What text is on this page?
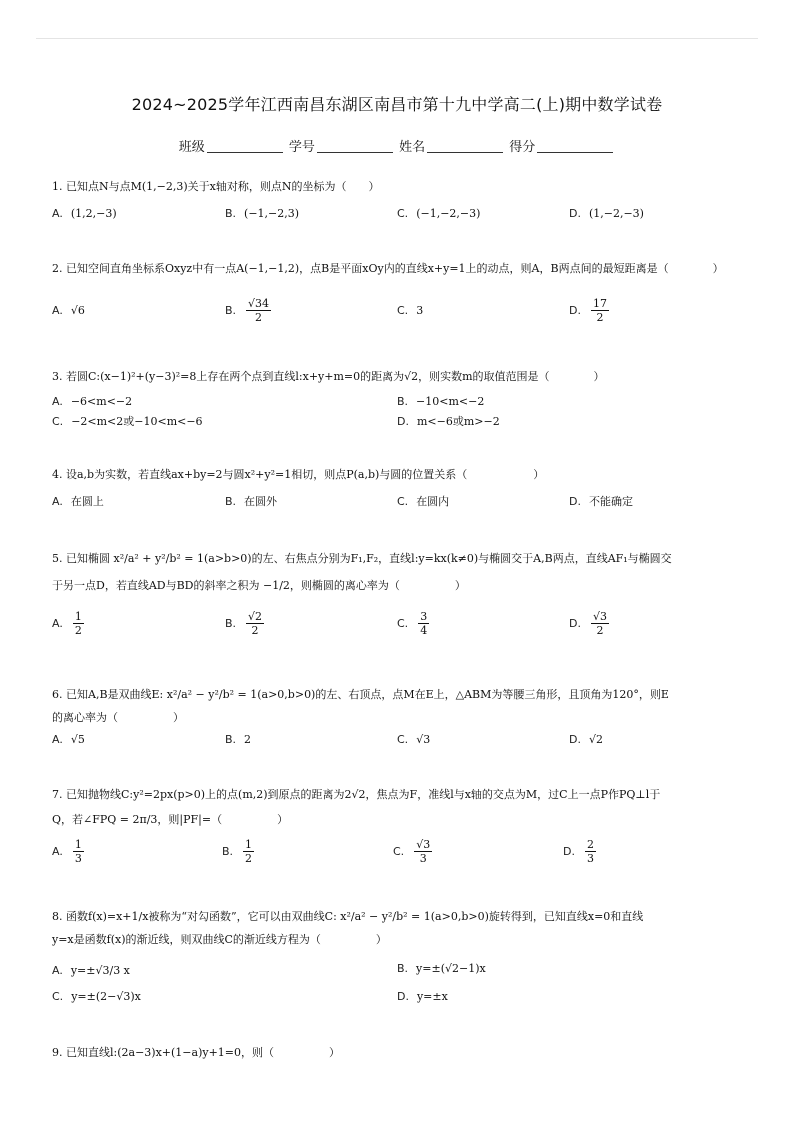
2024~2025学年江西南昌东湖区南昌市第十九中学高二(上)期中数学试卷
班级	学号	姓名	得分
1. 已知点N与点M(1,−2,3)关于x轴对称，则点N的坐标为（　　）
A. (1,2,−3)	B. (−1,−2,3)	C. (−1,−2,−3)	D. (1,−2,−3)
2. 已知空间直角坐标系Oxyz中有一点A(−1,−1,2)，点B是平面xOy内的直线x+y=1上的动点，则A，B两点间的最短距离是（　　　　）
A. √6	B. $\frac{√34}{2}$	C. 3	D. $\frac{17}{2}$
3. 若圆C:(x−1)²+(y−3)²=8上存在两个点到直线l:x+y+m=0的距离为√2，则实数m的取值范围是（　　　　）
A. −6<m<−2	B. −10<m<−2
C. −2<m<2或−10<m<−6	D. m<−6或m>−2
4. 设a,b为实数，若直线ax+by=2与圆x²+y²=1相切，则点P(a,b)与圆的位置关系（　　　　　　）
A. 在圆上	B. 在圆外	C. 在圆内	D. 不能确定
5. 已知椭圆 x²/a² + y²/b² = 1(a>b>0)的左、右焦点分别为F₁,F₂，直线l:y=kx(k≠0)与椭圆交于A,B两点，直线AF₁与椭圆交
于另一点D，若直线AD与BD的斜率之积为 −1/2，则椭圆的离心率为（　　　　　）
A. $\frac{1}{2}$	B. $\frac{√2}{2}$	C. $\frac{3}{4}$	D. $\frac{√3}{2}$
6. 已知A,B是双曲线E: x²/a² − y²/b² = 1(a>0,b>0)的左、右顶点，点M在E上，△ABM为等腰三角形，且顶角为120°，则E
的离心率为（　　　　　）
A. √5	B. 2	C. √3	D. √2
7. 已知抛物线C:y²=2px(p>0)上的点(m,2)到原点的距离为2√2，焦点为F，准线l与x轴的交点为M，过C上一点P作PQ⊥l于
Q，若∠FPQ = 2π/3，则|PF|=（　　　　　）
A. $\frac{1}{3}$	B. $\frac{1}{2}$	C. $\frac{√3}{3}$	D. $\frac{2}{3}$
8. 函数f(x)=x+1/x被称为“对勾函数”，它可以由双曲线C: x²/a² − y²/b² = 1(a>0,b>0)旋转得到，已知直线x=0和直线
y=x是函数f(x)的渐近线，则双曲线C的渐近线方程为（　　　　　）
A. y=±√3/3 x	B. y=±(√2−1)x
C. y=±(2−√3)x	D. y=±x
9. 已知直线l:(2a−3)x+(1−a)y+1=0，则（　　　　　）
